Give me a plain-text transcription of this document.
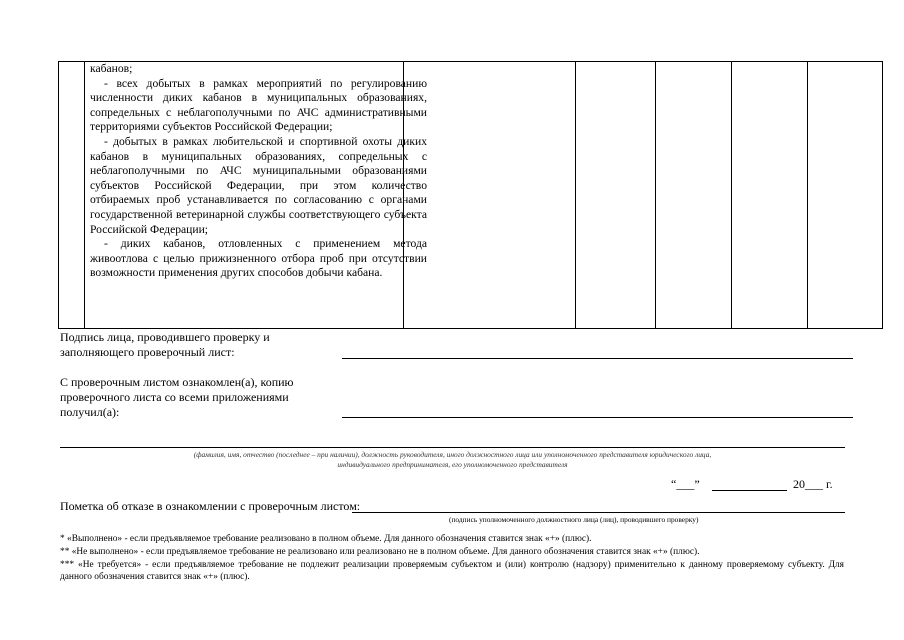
кабанов;

- всех добытых в рамках мероприятий по регулированию численности диких кабанов в муниципальных образованиях, сопредельных с неблагополучными по АЧС административными территориями субъектов Российской Федерации;

- добытых в рамках любительской и спортивной охоты диких кабанов в муниципальных образованиях, сопредельных с неблагополучными по АЧС муниципальными образованиями субъектов Российской Федерации, при этом количество отбираемых проб устанавливается по согласованию с органами государственной ветеринарной службы соответствующего субъекта Российской Федерации;

- диких кабанов, отловленных с применением метода живоотлова с целью прижизненного отбора проб при отсутствии возможности применения других способов добычи кабана.

Подпись лица, проводившего проверку и
заполняющего проверочный лист:
С проверочным листом ознакомлен(а), копию
проверочного листа со всеми приложениями
получил(а):
(фамилия, имя, отчество (последнее – при наличии), должность руководителя, иного должностного лица или уполномоченного представителя юридического лица,
индивидуального предпринимателя, его уполномоченного представителя
“___”	20___ г.
Пометка об отказе в ознакомлении с проверочным листом:
(подпись уполномоченного должностного лица (лиц), проводившего проверку)
* «Выполнено» - если предъявляемое требование реализовано в полном объеме. Для данного обозначения ставится знак «+» (плюс).
** «Не выполнено» - если предъявляемое требование не реализовано или реализовано не в полном объеме. Для данного обозначения ставится знак «+» (плюс).
*** «Не требуется» - если предъявляемое требование не подлежит реализации проверяемым субъектом и (или) контролю (надзору) применительно к данному проверяемому субъекту. Для данного обозначения ставится знак «+» (плюс).
